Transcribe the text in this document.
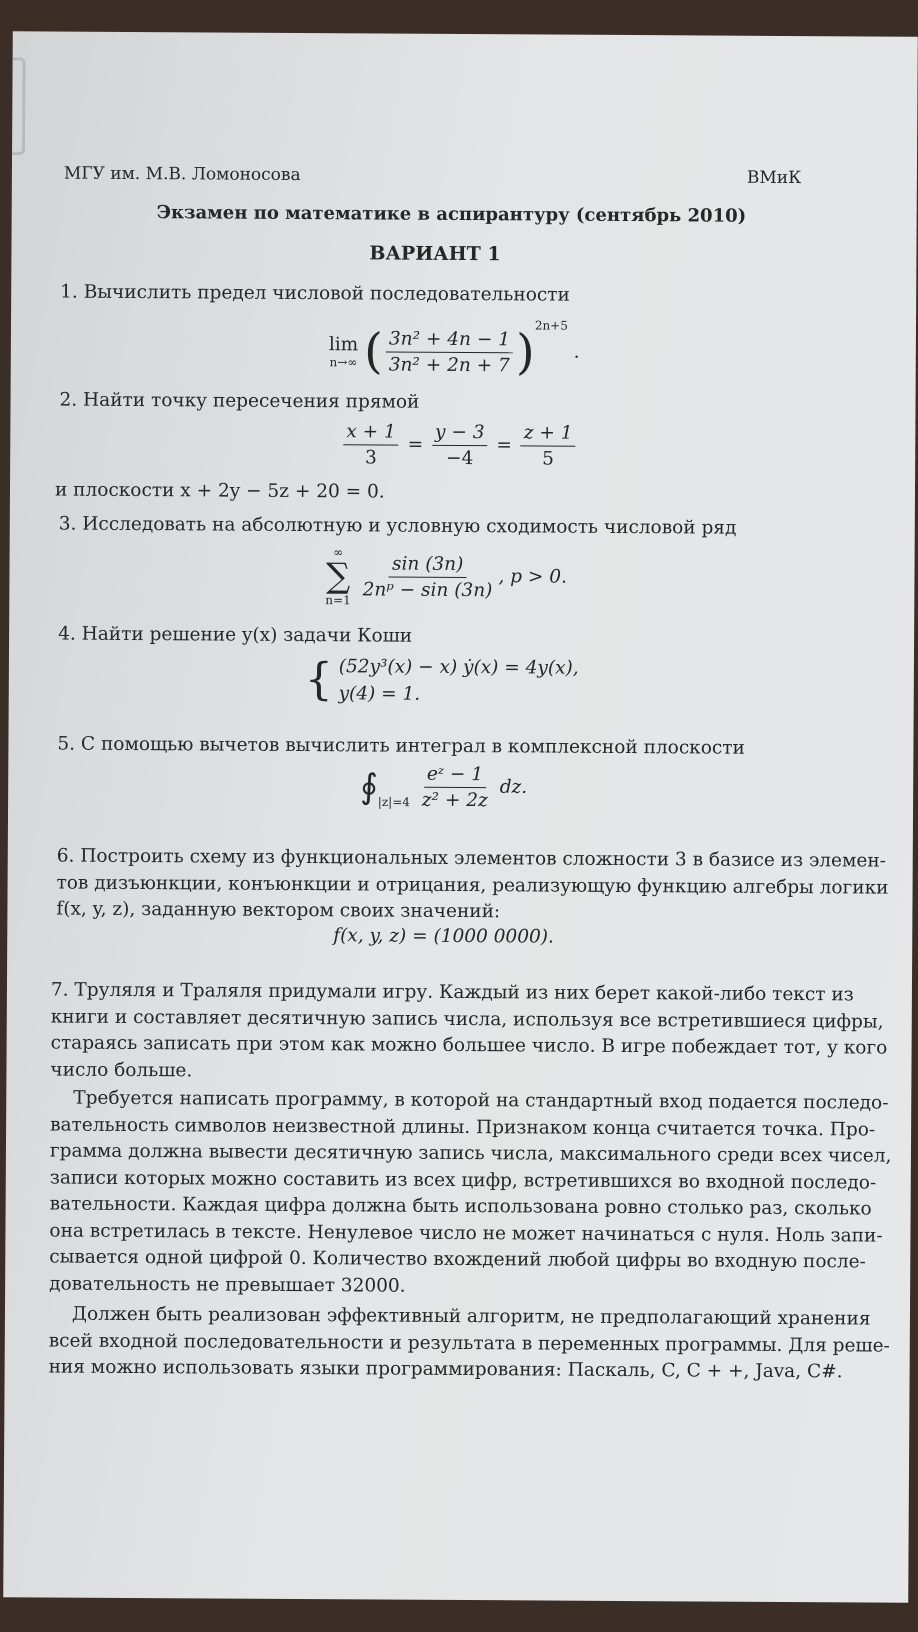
МГУ им. М.В. Ломоносова	ВМиК
Экзамен по математике в аспирантуру (сентябрь 2010)
ВАРИАНТ 1
1. Вычислить предел числовой последовательности
lim
n→∞ ( $\frac{\text{3n² + 4n − 1}}{\text{3n² + 2n + 7}} )^{2n+5}$ .
2. Найти точку пересечения прямой
$\frac{x + 1}{3} = \frac{y - 3}{-4} = \frac{z + 1}{5}$
и плоскости x + 2y − 5z + 20 = 0.
3. Исследовать на абсолютную и условную сходимость числовой ряд
∞
∑
n=1
$\frac{\sin (3n)}{\text{2nᵖ − sin (3n)}}$ , p > 0.
4. Найти решение y(x) задачи Коши
{ (52y³(x) − x) ẏ(x) = 4y(x),
y(4) = 1.
5. С помощью вычетов вычислить интеграл в комплексной плоскости
$∮_{|z|=4} \frac{\text{eᶻ − 1}}{\text{z² + 2z}}$ dz.
6. Построить схему из функциональных элементов сложности 3 в базисе из элемен-
тов дизъюнкции, конъюнкции и отрицания, реализующую функцию алгебры логики
f(x, y, z), заданную вектором своих значений:
f(x, y, z) = (1000 0000).
7. Труляля и Траляля придумали игру. Каждый из них берет какой-либо текст из
книги и составляет десятичную запись числа, используя все встретившиеся цифры,
стараясь записать при этом как можно большее число. В игре побеждает тот, у кого
число больше.
Требуется написать программу, в которой на стандартный вход подается последо-
вательность символов неизвестной длины. Признаком конца считается точка. Про-
грамма должна вывести десятичную запись числа, максимального среди всех чисел,
записи которых можно составить из всех цифр, встретившихся во входной последо-
вательности. Каждая цифра должна быть использована ровно столько раз, сколько
она встретилась в тексте. Ненулевое число не может начинаться с нуля. Ноль запи-
сывается одной цифрой 0. Количество вхождений любой цифры во входную после-
довательность не превышает 32000.
Должен быть реализован эффективный алгоритм, не предполагающий хранения
всей входной последовательности и результата в переменных программы. Для реше-
ния можно использовать языки программирования: Паскаль, C, C + +, Java, C#.
